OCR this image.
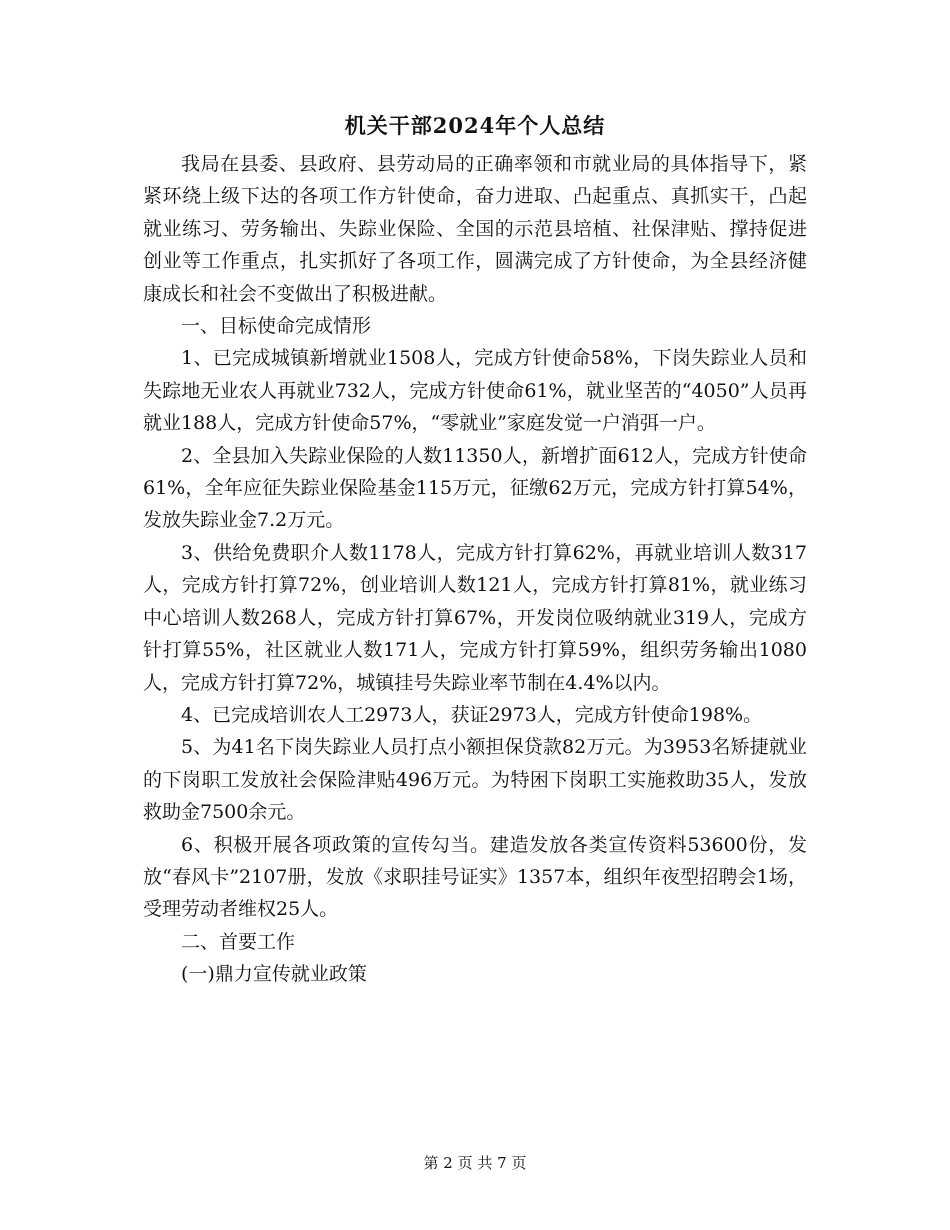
机关干部2024年个人总结

我局在县委、县政府、县劳动局的正确率领和市就业局的具体指导下，紧紧环绕上级下达的各项工作方针使命，奋力进取、凸起重点、真抓实干，凸起就业练习、劳务输出、失踪业保险、全国的示范县培植、社保津贴、撑持促进创业等工作重点，扎实抓好了各项工作，圆满完成了方针使命，为全县经济健康成长和社会不变做出了积极进献。

一、目标使命完成情形

1、已完成城镇新增就业1508人，完成方针使命58%，下岗失踪业人员和失踪地无业农人再就业732人，完成方针使命61%，就业坚苦的“4050”人员再就业188人，完成方针使命57%，“零就业”家庭发觉一户消弭一户。

2、全县加入失踪业保险的人数11350人，新增扩面612人，完成方针使命61%，全年应征失踪业保险基金115万元，征缴62万元，完成方针打算54%，发放失踪业金7.2万元。

3、供给免费职介人数1178人，完成方针打算62%，再就业培训人数317人，完成方针打算72%，创业培训人数121人，完成方针打算81%，就业练习中心培训人数268人，完成方针打算67%，开发岗位吸纳就业319人，完成方针打算55%，社区就业人数171人，完成方针打算59%，组织劳务输出1080人，完成方针打算72%，城镇挂号失踪业率节制在4.4%以内。

4、已完成培训农人工2973人，获证2973人，完成方针使命198%。

5、为41名下岗失踪业人员打点小额担保贷款82万元。为3953名矫捷就业的下岗职工发放社会保险津贴496万元。为特困下岗职工实施救助35人，发放救助金7500余元。

6、积极开展各项政策的宣传勾当。建造发放各类宣传资料53600份，发放“春风卡”2107册，发放《求职挂号证实》1357本，组织年夜型招聘会1场，受理劳动者维权25人。

二、首要工作

(一)鼎力宣传就业政策

第 2 页 共 7 页
